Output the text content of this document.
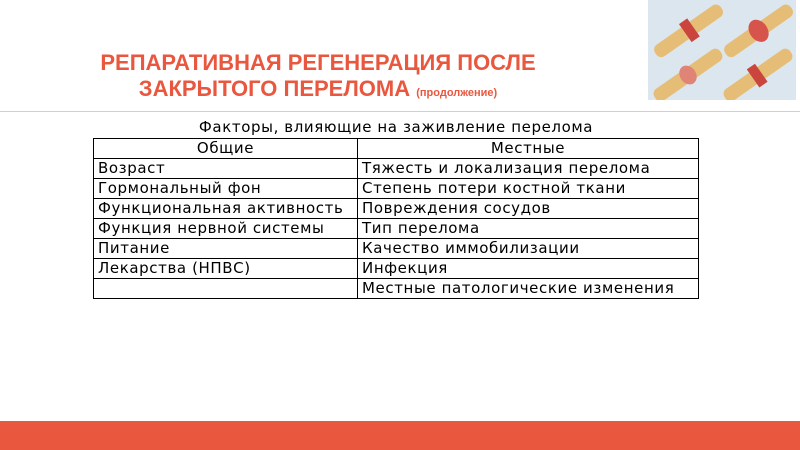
РЕПАРАТИВНАЯ РЕГЕНЕРАЦИЯ ПОСЛЕ
ЗАКРЫТОГО ПЕРЕЛОМА (продолжение)
Факторы, влияющие на заживление перелома	
Общие	Местные
Возраст	Тяжесть и локализация перелома
Гормональный фон	Степень потери костной ткани
Функциональная активность	Повреждения сосудов
Функция нервной системы	Тип перелома
Питание	Качество иммобилизации
Лекарства (НПВС)	Инфекция
	Местные патологические изменения
